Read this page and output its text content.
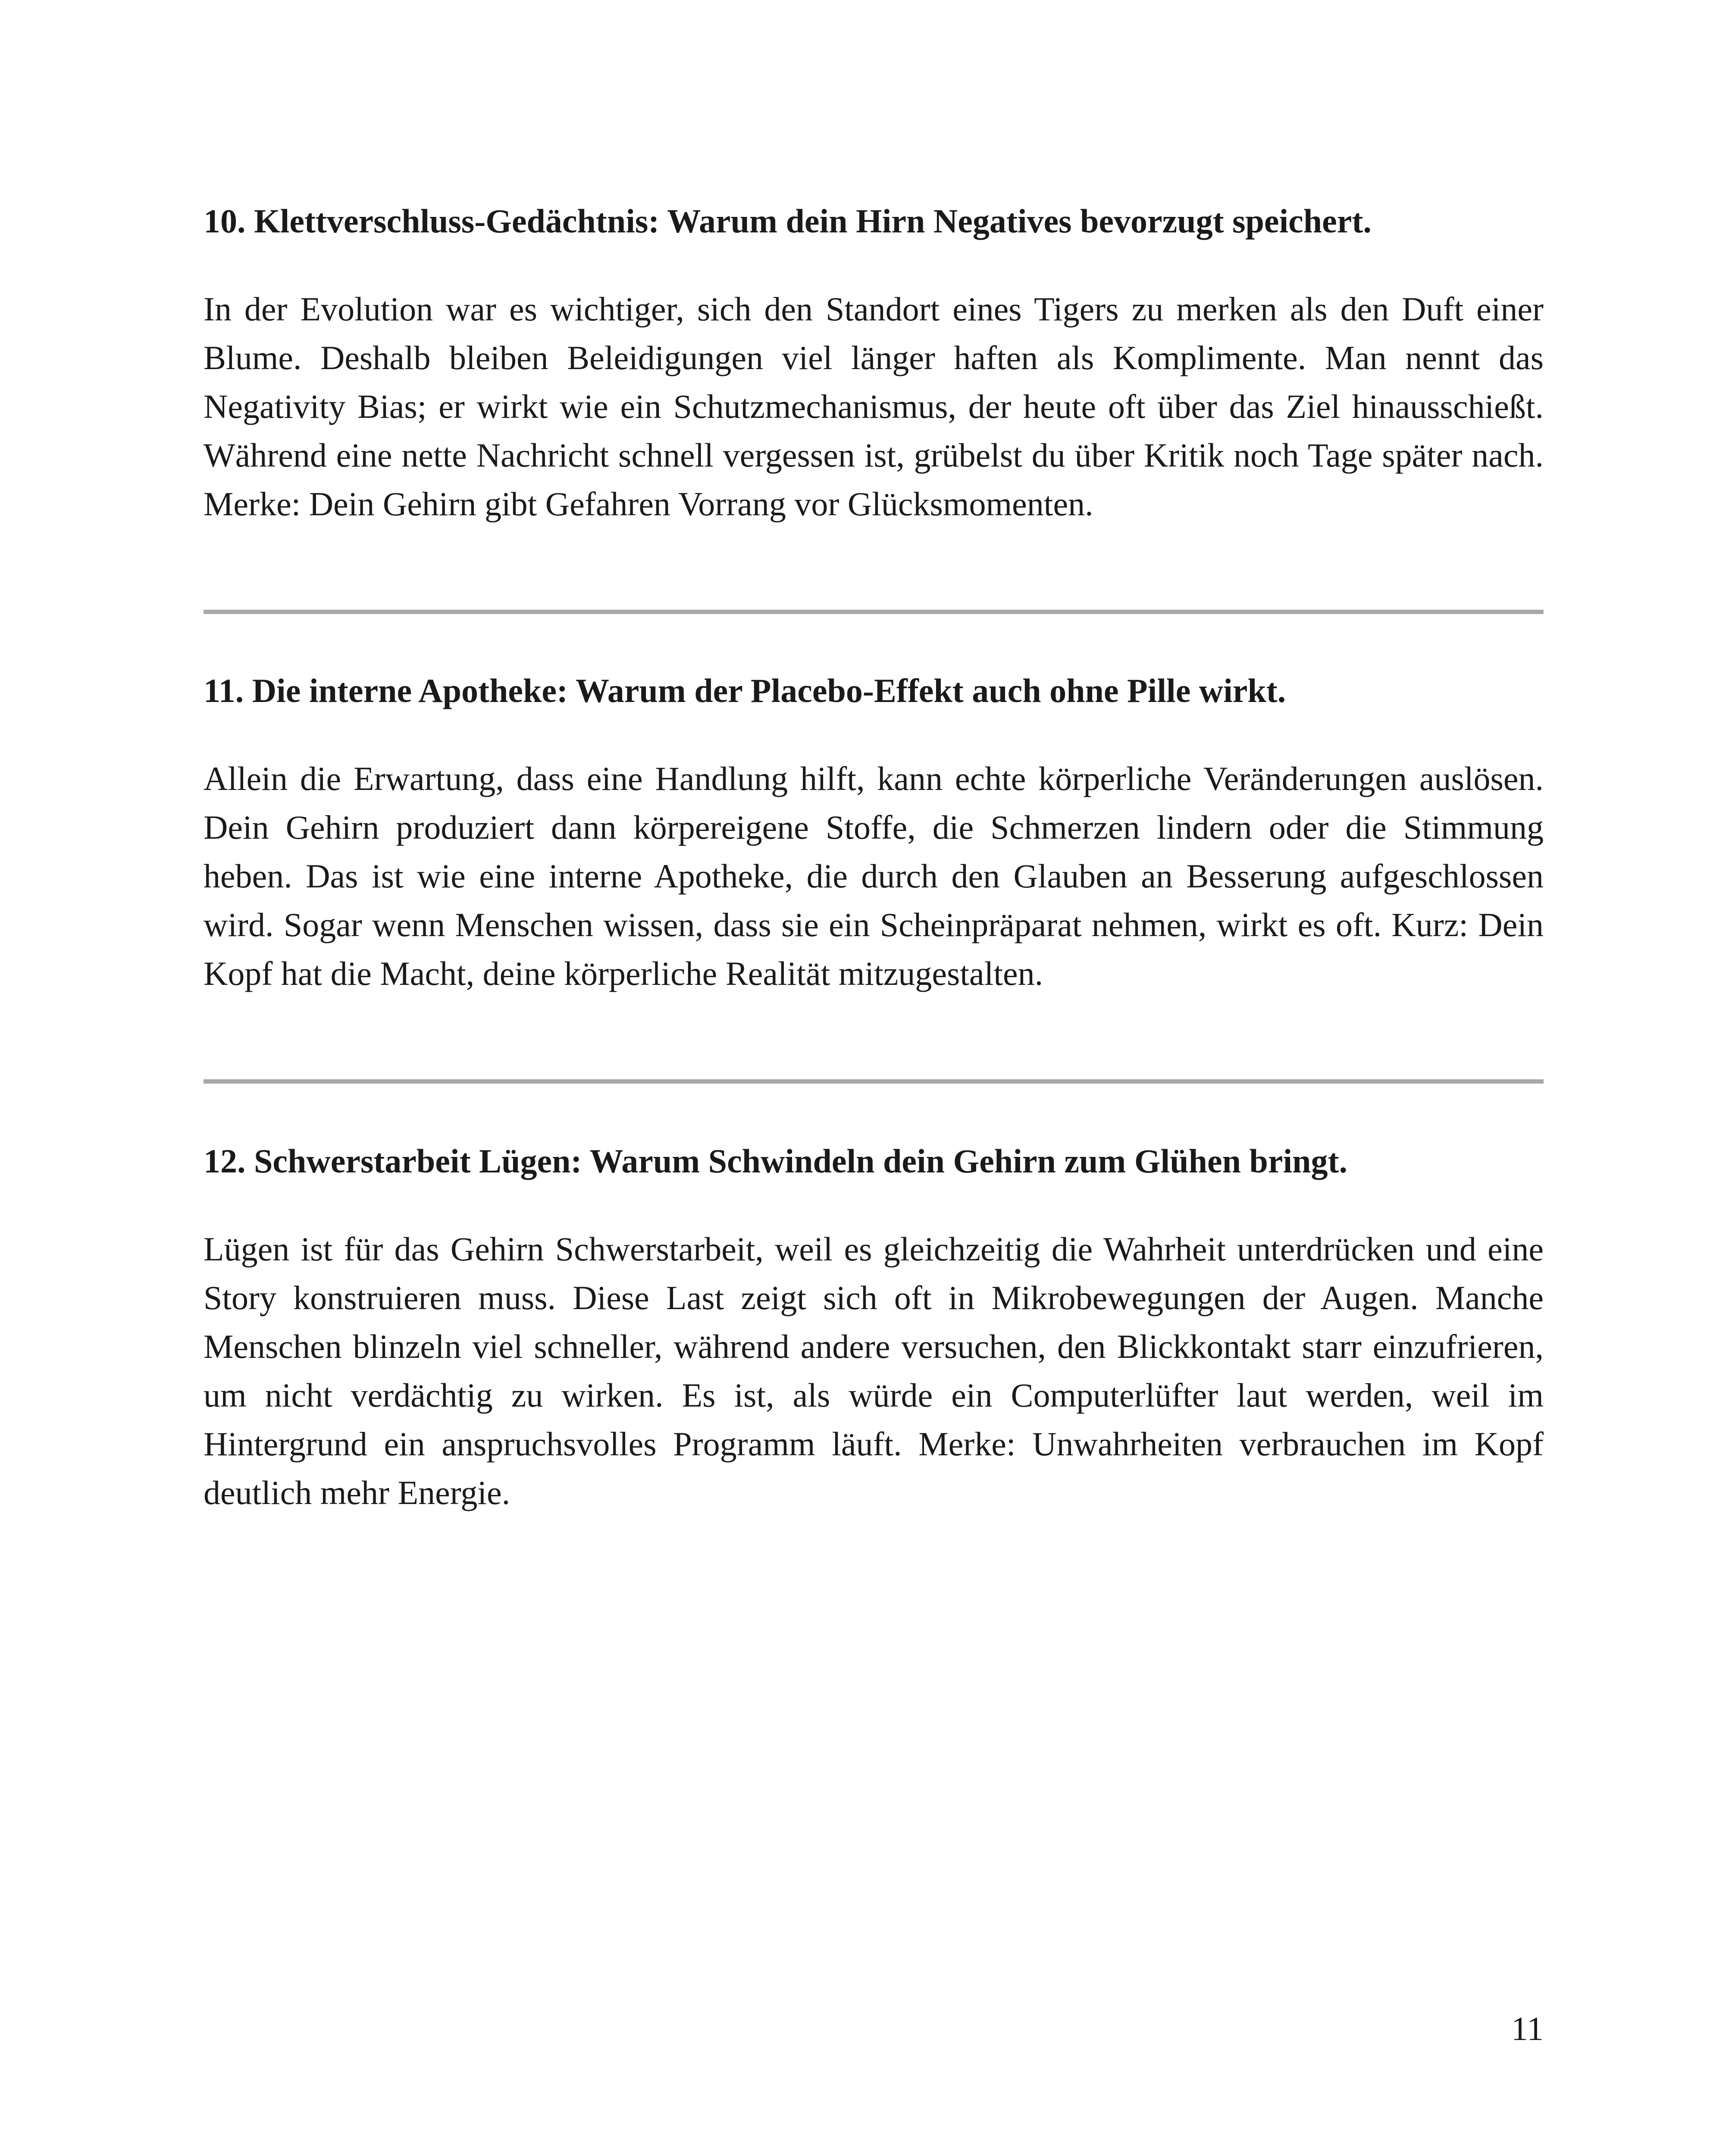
10. Klettverschluss-Gedächtnis: Warum dein Hirn Negatives bevorzugt speichert.

In der Evolution war es wichtiger, sich den Standort eines Tigers zu merken als den Duft einer Blume. Deshalb bleiben Beleidigungen viel länger haften als Komplimente. Man nennt das Negativity Bias; er wirkt wie ein Schutzmechanismus, der heute oft über das Ziel hinausschießt. Während eine nette Nachricht schnell vergessen ist, grübelst du über Kritik noch Tage später nach. Merke: Dein Gehirn gibt Gefahren Vorrang vor Glücksmomenten.

11. Die interne Apotheke: Warum der Placebo-Effekt auch ohne Pille wirkt.

Allein die Erwartung, dass eine Handlung hilft, kann echte körperliche Veränderungen auslösen. Dein Gehirn produziert dann körpereigene Stoffe, die Schmerzen lindern oder die Stimmung heben. Das ist wie eine interne Apotheke, die durch den Glauben an Besserung aufgeschlossen wird. Sogar wenn Menschen wissen, dass sie ein Scheinpräparat nehmen, wirkt es oft. Kurz: Dein Kopf hat die Macht, deine körperliche Realität mitzugestalten.

12. Schwerstarbeit Lügen: Warum Schwindeln dein Gehirn zum Glühen bringt.

Lügen ist für das Gehirn Schwerstarbeit, weil es gleichzeitig die Wahrheit unterdrücken und eine Story konstruieren muss. Diese Last zeigt sich oft in Mikrobewegungen der Augen. Manche Menschen blinzeln viel schneller, während andere versuchen, den Blickkontakt starr einzufrieren, um nicht verdächtig zu wirken. Es ist, als würde ein Computerlüfter laut werden, weil im Hintergrund ein anspruchsvolles Programm läuft. Merke: Unwahrheiten verbrauchen im Kopf deutlich mehr Energie.

11
